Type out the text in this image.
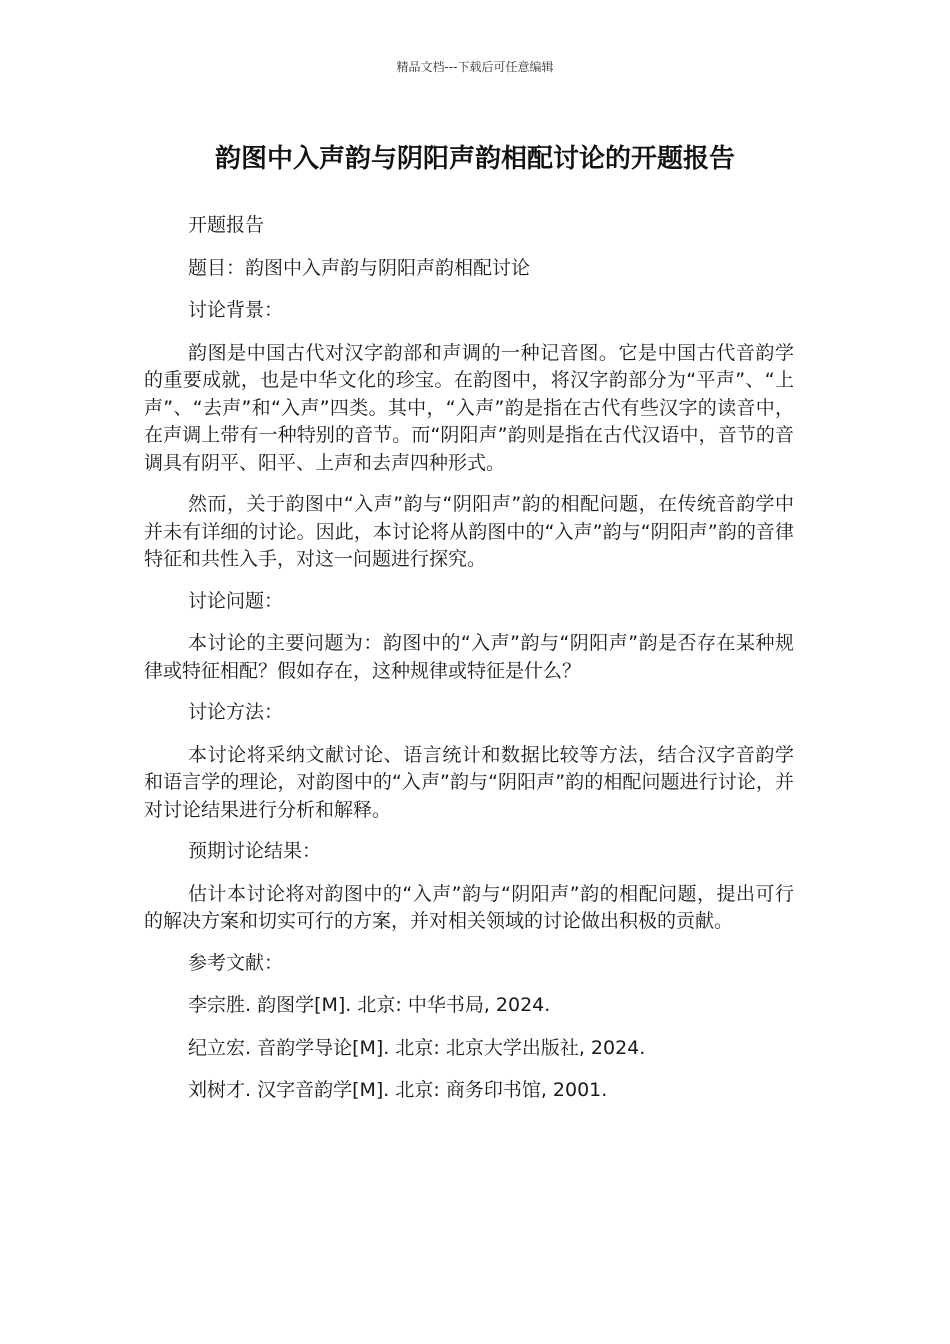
精品文档---下载后可任意编辑
韵图中入声韵与阴阳声韵相配讨论的开题报告

开题报告

题目：韵图中入声韵与阴阳声韵相配讨论

讨论背景：

韵图是中国古代对汉字韵部和声调的一种记音图。它是中国古代音韵学的重要成就，也是中华文化的珍宝。在韵图中，将汉字韵部分为“平声”、“上声”、“去声”和“入声”四类。其中，“入声”韵是指在古代有些汉字的读音中，在声调上带有一种特别的音节。而“阴阳声”韵则是指在古代汉语中，音节的音调具有阴平、阳平、上声和去声四种形式。

然而，关于韵图中“入声”韵与“阴阳声”韵的相配问题，在传统音韵学中并未有详细的讨论。因此，本讨论将从韵图中的“入声”韵与“阴阳声”韵的音律特征和共性入手，对这一问题进行探究。

讨论问题：

本讨论的主要问题为：韵图中的“入声”韵与“阴阳声”韵是否存在某种规律或特征相配？假如存在，这种规律或特征是什么？

讨论方法：

本讨论将采纳文献讨论、语言统计和数据比较等方法，结合汉字音韵学和语言学的理论，对韵图中的“入声”韵与“阴阳声”韵的相配问题进行讨论，并对讨论结果进行分析和解释。

预期讨论结果：

估计本讨论将对韵图中的“入声”韵与“阴阳声”韵的相配问题，提出可行的解决方案和切实可行的方案，并对相关领域的讨论做出积极的贡献。

参考文献：

李宗胜. 韵图学[M]. 北京: 中华书局, 2024.

纪立宏. 音韵学导论[M]. 北京: 北京大学出版社, 2024.

刘树才. 汉字音韵学[M]. 北京: 商务印书馆, 2001.
